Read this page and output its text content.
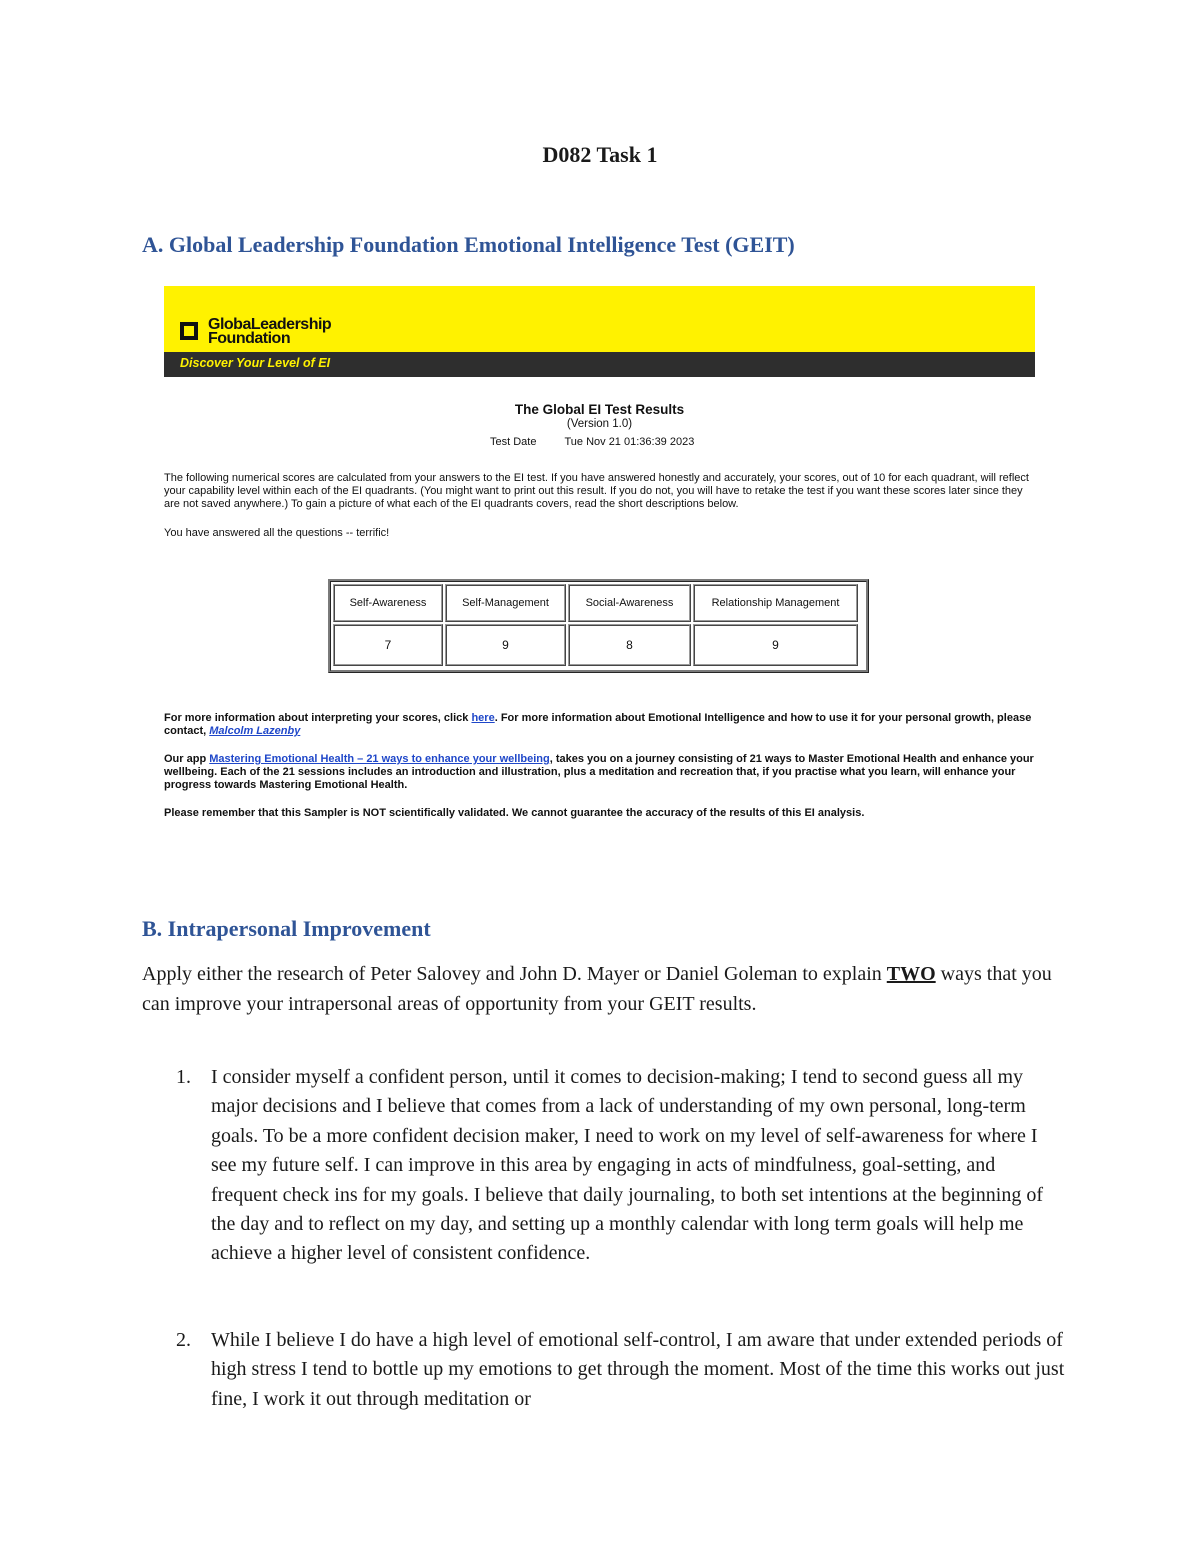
D082 Task 1
A. Global Leadership Foundation Emotional Intelligence Test (GEIT)
GlobaLeadership
Foundation
Discover Your Level of EI
The Global EI Test Results
(Version 1.0)
Test Date	Tue Nov 21 01:36:39 2023

The following numerical scores are calculated from your answers to the EI test. If you have answered honestly and accurately, your scores, out of 10 for each quadrant, will reflect your capability level within each of the EI quadrants. (You might want to print out this result. If you do not, you will have to retake the test if you want these scores later since they are not saved anywhere.) To gain a picture of what each of the EI quadrants covers, read the short descriptions below.

You have answered all the questions -- terrific!

Self-Awareness	Self-Management	Social-Awareness	Relationship Management
7	9	8	9

For more information about interpreting your scores, click here. For more information about Emotional Intelligence and how to use it for your personal growth, please contact, Malcolm Lazenby

Our app Mastering Emotional Health – 21 ways to enhance your wellbeing, takes you on a journey consisting of 21 ways to Master Emotional Health and enhance your wellbeing. Each of the 21 sessions includes an introduction and illustration, plus a meditation and recreation that, if you practise what you learn, will enhance your progress towards Mastering Emotional Health.

Please remember that this Sampler is NOT scientifically validated. We cannot guarantee the accuracy of the results of this EI analysis.

B. Intrapersonal Improvement

Apply either the research of Peter Salovey and John D. Mayer or Daniel Goleman to explain TWO ways that you can improve your intrapersonal areas of opportunity from your GEIT results.

1. I consider myself a confident person, until it comes to decision-making; I tend to second guess all my major decisions and I believe that comes from a lack of understanding of my own personal, long-term goals. To be a more confident decision maker, I need to work on my level of self-awareness for where I see my future self. I can improve in this area by engaging in acts of mindfulness, goal-setting, and frequent check ins for my goals. I believe that daily journaling, to both set intentions at the beginning of the day and to reflect on my day, and setting up a monthly calendar with long term goals will help me achieve a higher level of consistent confidence.
2. While I believe I do have a high level of emotional self-control, I am aware that under extended periods of high stress I tend to bottle up my emotions to get through the moment. Most of the time this works out just fine, I work it out through meditation or
